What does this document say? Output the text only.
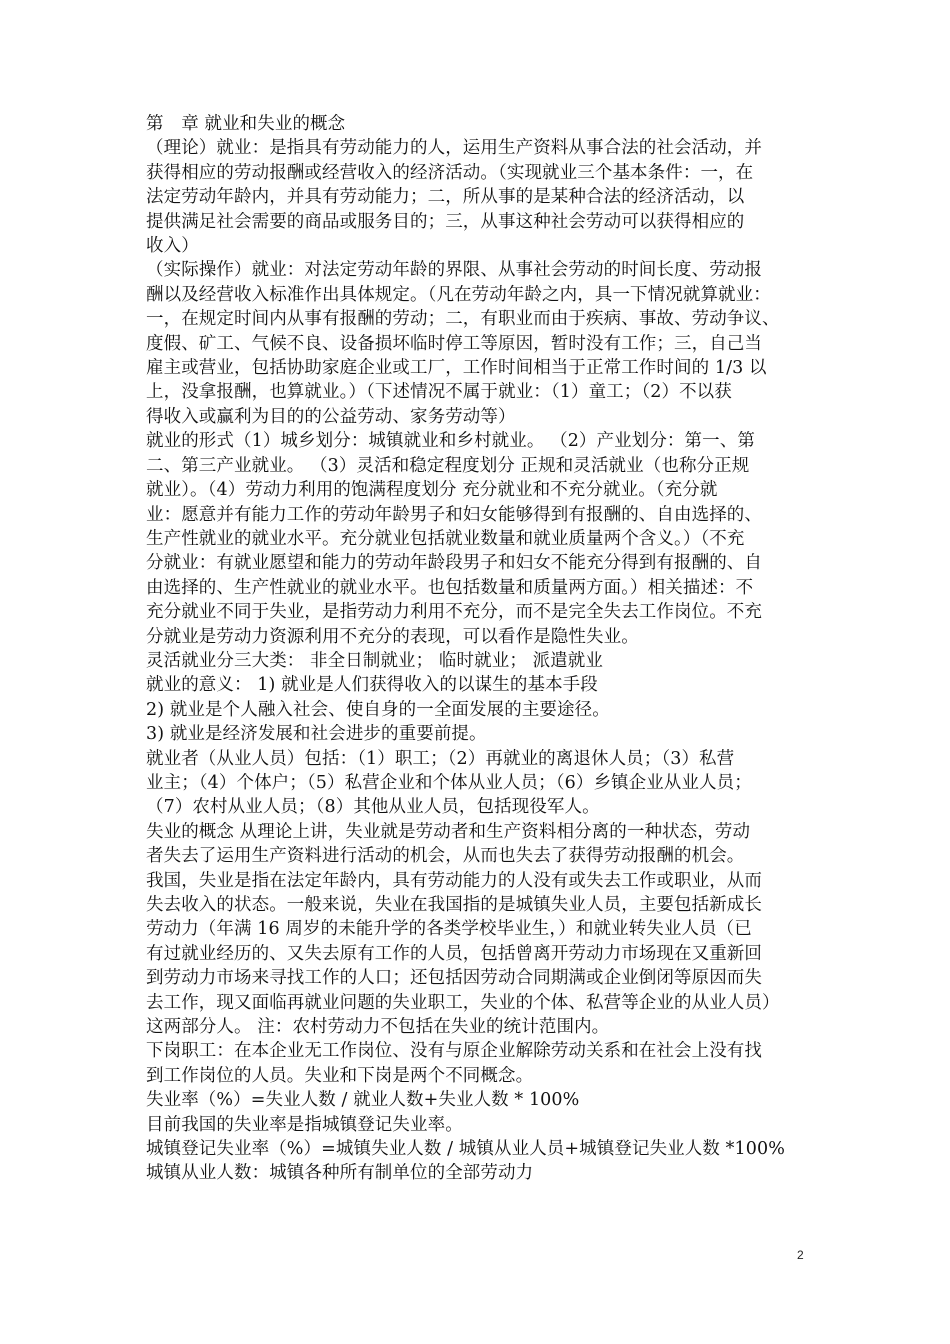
第　章 就业和失业的概念
（理论）就业：是指具有劳动能力的人，运用生产资料从事合法的社会活动，并
获得相应的劳动报酬或经营收入的经济活动。（实现就业三个基本条件：一，在
法定劳动年龄内，并具有劳动能力；二，所从事的是某种合法的经济活动，以
提供满足社会需要的商品或服务目的；三，从事这种社会劳动可以获得相应的
收入）
（实际操作）就业：对法定劳动年龄的界限、从事社会劳动的时间长度、劳动报
酬以及经营收入标准作出具体规定。（凡在劳动年龄之内，具一下情况就算就业：
一，在规定时间内从事有报酬的劳动；二，有职业而由于疾病、事故、劳动争议、
度假、矿工、气候不良、设备损坏临时停工等原因，暂时没有工作；三，自己当
雇主或营业，包括协助家庭企业或工厂，工作时间相当于正常工作时间的 1/3 以
上，没拿报酬，也算就业。）（下述情况不属于就业：（1）童工；（2）不以获
得收入或赢利为目的的公益劳动、家务劳动等）
就业的形式（1）城乡划分：城镇就业和乡村就业。 （2）产业划分：第一、第
二、第三产业就业。 （3）灵活和稳定程度划分 正规和灵活就业（也称分正规
就业）。（4）劳动力利用的饱满程度划分 充分就业和不充分就业。（充分就
业：愿意并有能力工作的劳动年龄男子和妇女能够得到有报酬的、自由选择的、
生产性就业的就业水平。充分就业包括就业数量和就业质量两个含义。）（不充
分就业：有就业愿望和能力的劳动年龄段男子和妇女不能充分得到有报酬的、自
由选择的、生产性就业的就业水平。也包括数量和质量两方面。）相关描述：不
充分就业不同于失业，是指劳动力利用不充分，而不是完全失去工作岗位。不充
分就业是劳动力资源利用不充分的表现，可以看作是隐性失业。
灵活就业分三大类： 非全日制就业； 临时就业； 派遣就业
就业的意义： 1) 就业是人们获得收入的以谋生的基本手段
2) 就业是个人融入社会、使自身的一全面发展的主要途径。
3) 就业是经济发展和社会进步的重要前提。
就业者（从业人员）包括：（1）职工；（2）再就业的离退休人员；（3）私营
业主；（4）个体户；（5）私营企业和个体从业人员；（6）乡镇企业从业人员；
（7）农村从业人员；（8）其他从业人员，包括现役军人。
失业的概念 从理论上讲，失业就是劳动者和生产资料相分离的一种状态，劳动
者失去了运用生产资料进行活动的机会，从而也失去了获得劳动报酬的机会。
我国，失业是指在法定年龄内，具有劳动能力的人没有或失去工作或职业，从而
失去收入的状态。一般来说，失业在我国指的是城镇失业人员，主要包括新成长
劳动力（年满 16 周岁的未能升学的各类学校毕业生，）和就业转失业人员（已
有过就业经历的、又失去原有工作的人员，包括曾离开劳动力市场现在又重新回
到劳动力市场来寻找工作的人口；还包括因劳动合同期满或企业倒闭等原因而失
去工作，现又面临再就业问题的失业职工，失业的个体、私营等企业的从业人员）
这两部分人。 注：农村劳动力不包括在失业的统计范围内。
下岗职工：在本企业无工作岗位、没有与原企业解除劳动关系和在社会上没有找
到工作岗位的人员。失业和下岗是两个不同概念。
失业率（%）=失业人数 / 就业人数+失业人数 * 100%
目前我国的失业率是指城镇登记失业率。
城镇登记失业率（%）=城镇失业人数 / 城镇从业人员+城镇登记失业人数 *100%
城镇从业人数：城镇各种所有制单位的全部劳动力
2
